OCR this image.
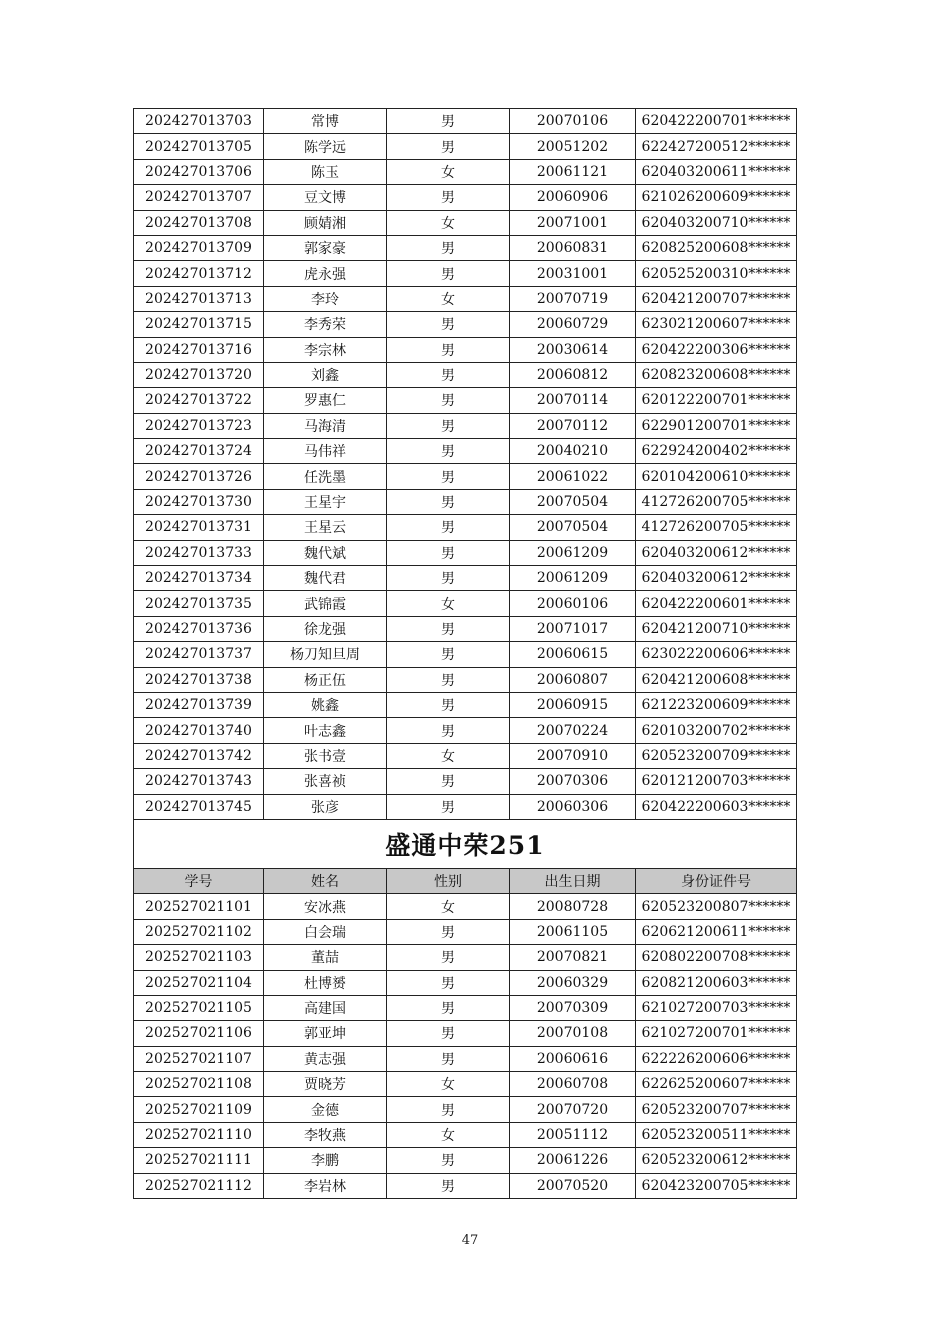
202427013703	常博	男	20070106	620422200701******
202427013705	陈学远	男	20051202	622427200512******
202427013706	陈玉	女	20061121	620403200611******
202427013707	豆文博	男	20060906	621026200609******
202427013708	顾婧湘	女	20071001	620403200710******
202427013709	郭家豪	男	20060831	620825200608******
202427013712	虎永强	男	20031001	620525200310******
202427013713	李玲	女	20070719	620421200707******
202427013715	李秀荣	男	20060729	623021200607******
202427013716	李宗林	男	20030614	620422200306******
202427013720	刘鑫	男	20060812	620823200608******
202427013722	罗惠仁	男	20070114	620122200701******
202427013723	马海清	男	20070112	622901200701******
202427013724	马伟祥	男	20040210	622924200402******
202427013726	任洗墨	男	20061022	620104200610******
202427013730	王星宇	男	20070504	412726200705******
202427013731	王星云	男	20070504	412726200705******
202427013733	魏代斌	男	20061209	620403200612******
202427013734	魏代君	男	20061209	620403200612******
202427013735	武锦霞	女	20060106	620422200601******
202427013736	徐龙强	男	20071017	620421200710******
202427013737	杨刀知旦周	男	20060615	623022200606******
202427013738	杨正伍	男	20060807	620421200608******
202427013739	姚鑫	男	20060915	621223200609******
202427013740	叶志鑫	男	20070224	620103200702******
202427013742	张书壹	女	20070910	620523200709******
202427013743	张喜祯	男	20070306	620121200703******
202427013745	张彦	男	20060306	620422200603******
盛通中荣251				
学号	姓名	性别	出生日期	身份证件号
202527021101	安冰燕	女	20080728	620523200807******
202527021102	白会瑞	男	20061105	620621200611******
202527021103	董喆	男	20070821	620802200708******
202527021104	杜博赟	男	20060329	620821200603******
202527021105	高建国	男	20070309	621027200703******
202527021106	郭亚坤	男	20070108	621027200701******
202527021107	黄志强	男	20060616	622226200606******
202527021108	贾晓芳	女	20060708	622625200607******
202527021109	金德	男	20070720	620523200707******
202527021110	李牧燕	女	20051112	620523200511******
202527021111	李鹏	男	20061226	620523200612******
202527021112	李岩林	男	20070520	620423200705******
47
